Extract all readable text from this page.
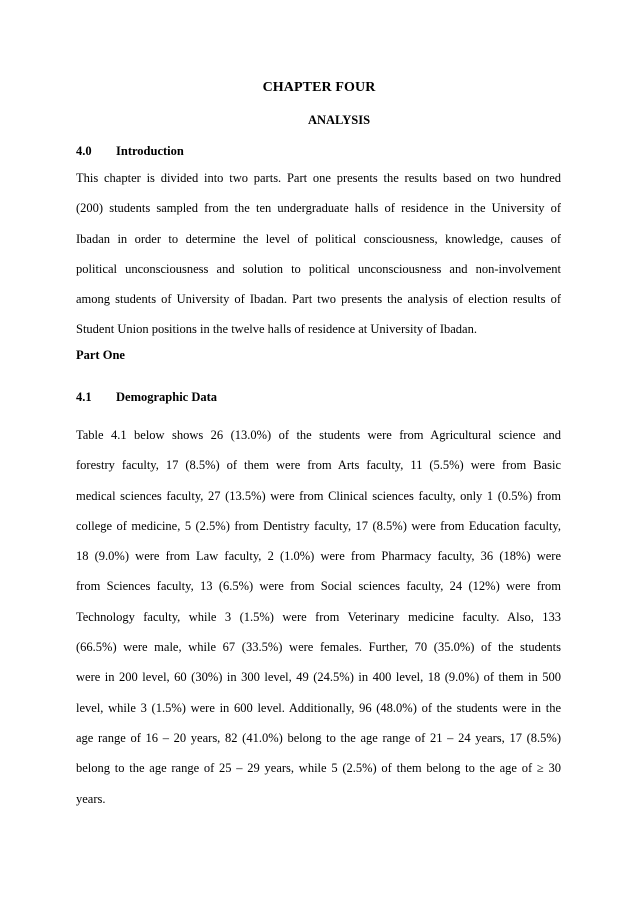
CHAPTER FOUR
ANALYSIS
4.0 Introduction
This chapter is divided into two parts. Part one presents the results based on two hundred
(200) students sampled from the ten undergraduate halls of residence in the University of
Ibadan in order to determine the level of political consciousness, knowledge, causes of
political unconsciousness and solution to political unconsciousness and non-involvement
among students of University of Ibadan. Part two presents the analysis of election results of
Student Union positions in the twelve halls of residence at University of Ibadan.
Part One
4.1 Demographic Data
Table 4.1 below shows 26 (13.0%) of the students were from Agricultural science and
forestry faculty, 17 (8.5%) of them were from Arts faculty, 11 (5.5%) were from Basic
medical sciences faculty, 27 (13.5%) were from Clinical sciences faculty, only 1 (0.5%) from
college of medicine, 5 (2.5%) from Dentistry faculty, 17 (8.5%) were from Education faculty,
18 (9.0%) were from Law faculty, 2 (1.0%) were from Pharmacy faculty, 36 (18%) were
from Sciences faculty, 13 (6.5%) were from Social sciences faculty, 24 (12%) were from
Technology faculty, while 3 (1.5%) were from Veterinary medicine faculty. Also, 133
(66.5%) were male, while 67 (33.5%) were females. Further, 70 (35.0%) of the students
were in 200 level, 60 (30%) in 300 level, 49 (24.5%) in 400 level, 18 (9.0%) of them in 500
level, while 3 (1.5%) were in 600 level. Additionally, 96 (48.0%) of the students were in the
age range of 16 – 20 years, 82 (41.0%) belong to the age range of 21 – 24 years, 17 (8.5%)
belong to the age range of 25 – 29 years, while 5 (2.5%) of them belong to the age of ≥ 30
years.
